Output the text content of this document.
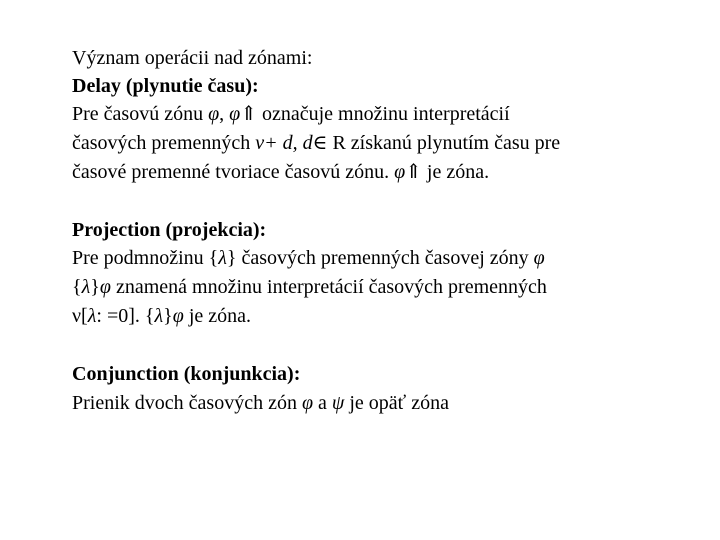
Význam operácii nad zónami:
Delay (plynutie času):
Pre časovú zónu φ, φ⇑ označuje množinu interpretácií
časových premenných ν+ d, d∈ R získanú plynutím času pre
časové premenné tvoriace časovú zónu. φ⇑ je zóna.
Projection (projekcia):
Pre podmnožinu {λ} časových premenných časovej zóny φ
{λ}φ znamená množinu interpretácií časových premenných
ν[λ: =0]. {λ}φ je zóna.
Conjunction (konjunkcia):
Prienik dvoch časových zón φ a ψ je opäť zóna
